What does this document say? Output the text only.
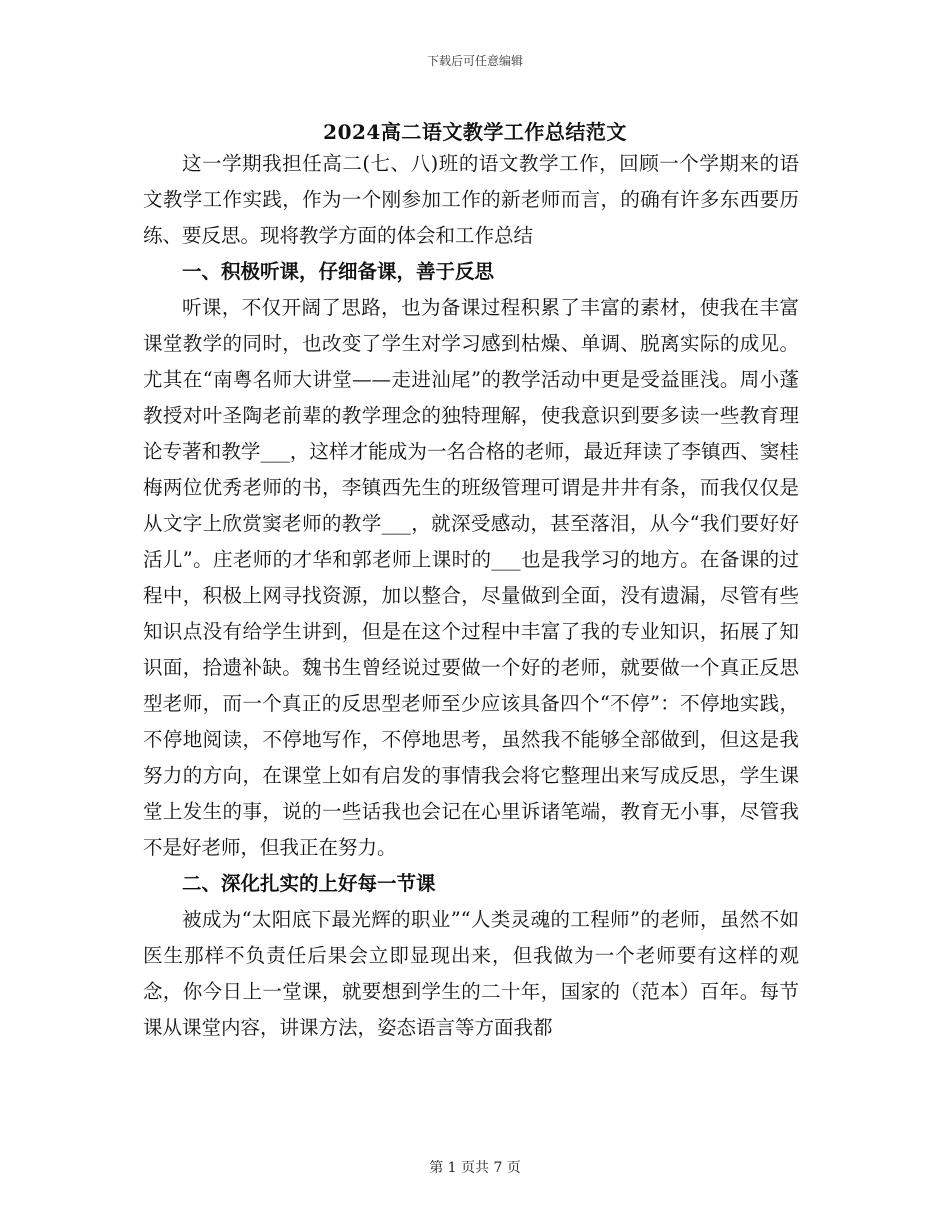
下载后可任意编辑
2024高二语文教学工作总结范文

这一学期我担任高二(七、八)班的语文教学工作，回顾一个学期来的语文教学工作实践，作为一个刚参加工作的新老师而言，的确有许多东西要历练、要反思。现将教学方面的体会和工作总结

一、积极听课，仔细备课，善于反思

听课，不仅开阔了思路，也为备课过程积累了丰富的素材，使我在丰富课堂教学的同时，也改变了学生对学习感到枯燥、单调、脱离实际的成见。尤其在“南粤名师大讲堂——走进汕尾”的教学活动中更是受益匪浅。周小蓬教授对叶圣陶老前辈的教学理念的独特理解，使我意识到要多读一些教育理论专著和教学___，这样才能成为一名合格的老师，最近拜读了李镇西、窦桂梅两位优秀老师的书，李镇西先生的班级管理可谓是井井有条，而我仅仅是从文字上欣赏窦老师的教学___，就深受感动，甚至落泪，从今“我们要好好活儿”。庄老师的才华和郭老师上课时的___也是我学习的地方。在备课的过程中，积极上网寻找资源，加以整合，尽量做到全面，没有遗漏，尽管有些知识点没有给学生讲到，但是在这个过程中丰富了我的专业知识，拓展了知识面，拾遗补缺。魏书生曾经说过要做一个好的老师，就要做一个真正反思型老师，而一个真正的反思型老师至少应该具备四个“不停”：不停地实践，不停地阅读，不停地写作，不停地思考，虽然我不能够全部做到，但这是我努力的方向，在课堂上如有启发的事情我会将它整理出来写成反思，学生课堂上发生的事，说的一些话我也会记在心里诉诸笔端，教育无小事，尽管我不是好老师，但我正在努力。

二、深化扎实的上好每一节课

被成为“太阳底下最光辉的职业”“人类灵魂的工程师”的老师，虽然不如医生那样不负责任后果会立即显现出来，但我做为一个老师要有这样的观念，你今日上一堂课，就要想到学生的二十年，国家的（范本）百年。每节课从课堂内容，讲课方法，姿态语言等方面我都

第 1 页共 7 页
